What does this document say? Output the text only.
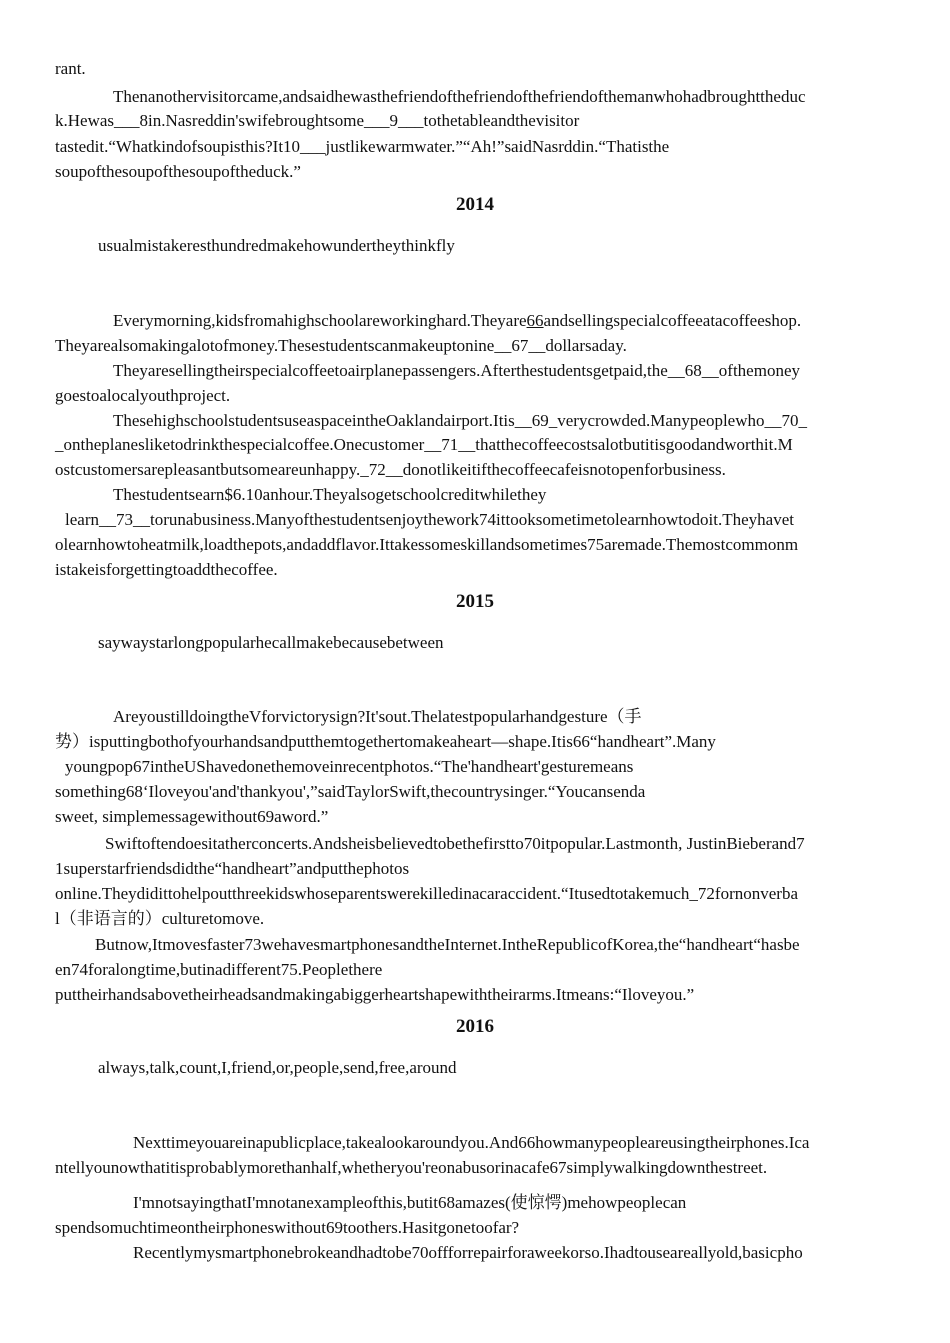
rant.
Thenanothervisitorcame,andsaidhewasthefriendofthefriendofthefriendofthemanwhohadbroughttheduc
k.Hewas___8in.Nasreddin'swifebroughtsome___9___tothetableandthevisitor
tastedit.“Whatkindofsoupisthis?It10___justlikewarmwater.”“Ah!”saidNasrddin.“Thatisthe
soupofthesoupofthesoupoftheduck.”
2014
usualmistakeresthundredmakehowundertheythinkfly
Everymorning,kidsfromahighschoolareworkinghard.Theyare66andsellingspecialcoffeeatacoffeeshop.
Theyarealsomakingalotofmoney.Thesestudentscanmakeuptonine__67__dollarsaday.
Theyaresellingtheirspecialcoffeetoairplanepassengers.Afterthestudentsgetpaid,the__68__ofthemoney
goestoalocalyouthproject.
ThesehighschoolstudentsuseaspaceintheOaklandairport.Itis__69_verycrowded.Manypeoplewho__70_
_ontheplanesliketodrinkthespecialcoffee.Onecustomer__71__thatthecoffeecostsalotbutitisgoodandworthit.M
ostcustomersarepleasantbutsomeareunhappy._72__donotlikeitifthecoffeecafeisnotopenforbusiness.
Thestudentsearn$6.10anhour.Theyalsogetschoolcreditwhilethey
learn__73__torunabusiness.Manyofthestudentsenjoythework74ittooksometimetolearnhowtodoit.Theyhavet
olearnhowtoheatmilk,loadthepots,andaddflavor.Ittakessomeskillandsometimes75aremade.Themostcommonm
istakeisforgettingtoaddthecoffee.
2015
saywaystarlongpopularhecallmakebecausebetween
AreyoustilldoingtheVforvictorysign?It'sout.Thelatestpopularhandgesture（手
势）isputtingbothofyourhandsandputthemtogethertomakeaheart—shape.Itis66“handheart”.Many
youngpop67intheUShavedonethemoveinrecentphotos.“The'handheart'gesturemeans
something68‘Iloveyou'and'thankyou',”saidTaylorSwift,thecountrysinger.“Youcansenda
sweet, simplemessagewithout69aword.”
Swiftoftendoesitatherconcerts.Andsheisbelievedtobethefirstto70itpopular.Lastmonth, JustinBieberand7
1superstarfriendsdidthe“handheart”andputthephotos
online.Theydidittohelpoutthreekidswhoseparentswerekilledinacaraccident.“Itusedtotakemuch_72fornonverba
l（非语言的）culturetomove.
Butnow,Itmovesfaster73wehavesmartphonesandtheInternet.IntheRepublicofKorea,the“handheart“hasbe
en74foralongtime,butinadifferent75.Peoplethere
puttheirhandsabovetheirheadsandmakingabiggerheartshapewiththeirarms.Itmeans:“Iloveyou.”
2016
always,talk,count,I,friend,or,people,send,free,around
Nexttimeyouareinapublicplace,takealookaroundyou.And66howmanypeopleareusingtheirphones.Ica
ntellyounowthatitisprobablymorethanhalf,whetheryou'reonabusorinacafe67simplywalkingdownthestreet.
I'mnotsayingthatI'mnotanexampleofthis,butit68amazes(使惊愕)mehowpeoplecan
spendsomuchtimeontheirphoneswithout69toothers.Hasitgonetoofar?
Recentlymysmartphonebrokeandhadtobe70offforrepairforaweekorso.Ihadtouseareallyold,basicpho
